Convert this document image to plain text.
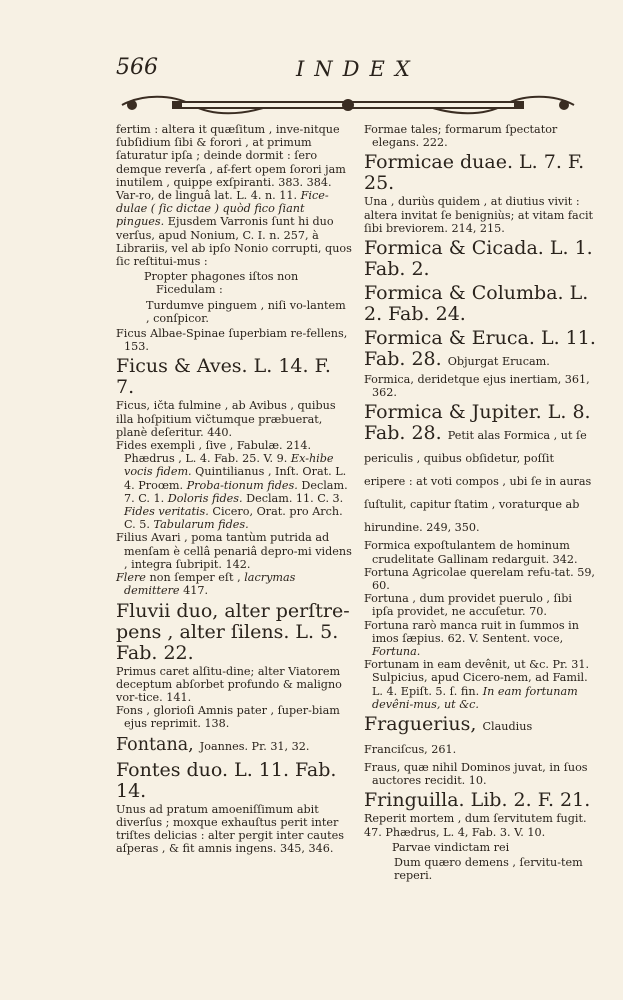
566	INDEX

fertim : altera it quæſitum , inve-nitque ſubſidium ſibi & forori , at primum ſaturatur ipſa ; deinde dormit : ſero demque reverſa , af-fert opem ſorori jam inutilem , quippe exſpiranti. 383. 384. Var-ro, de linguâ lat. L. 4. n. 11. Fice-dulae ( ſic dictae ) quòd fico ſiant pingues. Ejusdem Varronis ſunt hi duo verſus, apud Nonium, C. I. n. 257, à Librariis, vel ab ipſo Nonio corrupti, quos ſic reſtitui-mus :

Propter phagones iſtos non Ficedulam :

Turdumve pinguem , niſi vo-lantem , conſpicor.

Ficus Albae-Spinae ſuperbiam re-fellens, 153.

Ficus & Aves. L. 14. F. 7.

Ficus, ičta fulmine , ab Avibus , quibus illa hoſpitium vičtumque præbuerat, planè deſeritur. 440.

Fides exempli , ſive , Fabulæ. 214. Phædrus , L. 4. Fab. 25. V. 9. Ex-hibe vocis fidem. Quintilianus , Inſt. Orat. L. 4. Proœm. Proba-tionum fides. Declam. 7. C. 1. Doloris fides. Declam. 11. C. 3. Fides veritatis. Cicero, Orat. pro Arch. C. 5. Tabularum fides.

Filius Avari , poma tantùm putrida ad menſam è cellâ penariâ depro-mi videns , integra ſubripit. 142.

Flere non ſemper eſt , lacrymas demittere 417.

Fluvii duo, alter perſtre-pens , alter ſilens. L. 5. Fab. 22.

Primus caret alſitu-dine; alter Viatorem deceptum abſorbet profundo & maligno vor-tice. 141.

Fons , glorioſi Amnis pater , ſuper-biam ejus reprimit. 138.

Fontana, Joannes. Pr. 31, 32.

Fontes duo. L. 11. Fab. 14.

Unus ad pratum amoeniſſimum abit diverſus ; moxque exhauſtus perit inter triſtes delicias : alter pergit inter cautes aſperas , & fit amnis ingens. 345, 346.

Formae tales; formarum ſpectator elegans. 222.

Formicae duae. L. 7. F. 25.

Una , duriùs quidem , at diutius vivit : altera invitat ſe benigniùs; at vitam facit ſibi breviorem. 214, 215.

Formica & Cicada. L. 1. Fab. 2.

Formica & Columba. L. 2. Fab. 24.

Formica & Eruca. L. 11. Fab. 28. Objurgat Erucam.

Formica, deridetque ejus inertiam, 361, 362.

Formica & Jupiter. L. 8. Fab. 28. Petit alas Formica , ut ſe periculis , quibus obſidetur, poſſit eripere : at voti compos , ubi ſe in auras ſuſtulit, capitur ſtatim , voraturque ab hirundine. 249, 350.

Formica expoſtulantem de hominum crudelitate Gallinam redarguit. 342.

Fortuna Agricolae querelam refu-tat. 59, 60.

Fortuna , dum providet puerulo , ſibi ipſa providet, ne accuſetur. 70.

Fortuna rarò manca ruit in ſummos in imos ſæpius. 62. V. Sentent. voce, Fortuna.

Fortunam in eam devênit, ut &c. Pr. 31. Sulpicius, apud Cicero-nem, ad Famil. L. 4. Epiſt. 5. ſ. fin. In eam fortunam devêni-mus, ut &c.

Fraguerius, Claudius Franciſcus, 261.

Fraus, quæ nihil Dominos juvat, in ſuos auctores recidit. 10.

Fringuilla. Lib. 2. F. 21.

Reperit mortem , dum ſervitutem fugit. 47. Phædrus, L. 4, Fab. 3. V. 10.

Parvae vindictam rei

Dum quæro demens , ſervitu-tem reperi.
